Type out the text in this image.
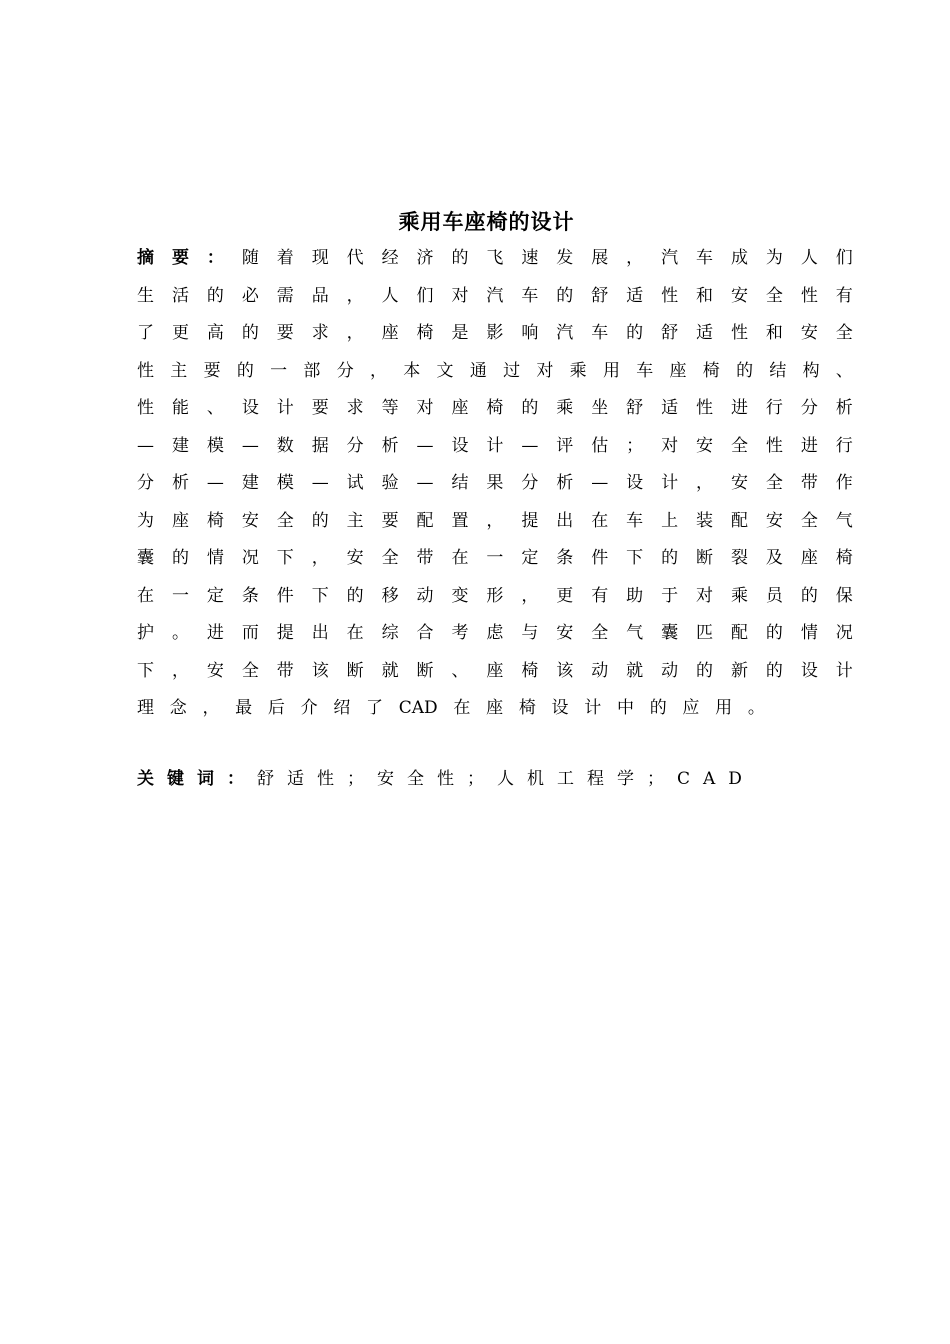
乘用车座椅的设计
摘 要 ： 随 着 现 代 经 济 的 飞 速 发 展 ， 汽 车 成 为 人 们
生 活 的 必 需 品 ， 人 们 对 汽 车 的 舒 适 性 和 安 全 性 有
了 更 高 的 要 求 ， 座 椅 是 影 响 汽 车 的 舒 适 性 和 安 全
性 主 要 的 一 部 分 ， 本 文 通 过 对 乘 用 车 座 椅 的 结 构 、
性 能 、 设 计 要 求 等 对 座 椅 的 乘 坐 舒 适 性 进 行 分 析
— 建 模 — 数 据 分 析 — 设 计 — 评 估 ； 对 安 全 性 进 行
分 析 — 建 模 — 试 验 — 结 果 分 析 — 设 计 ， 安 全 带 作
为 座 椅 安 全 的 主 要 配 置 ， 提 出 在 车 上 装 配 安 全 气
囊 的 情 况 下 ， 安 全 带 在 一 定 条 件 下 的 断 裂 及 座 椅
在 一 定 条 件 下 的 移 动 变 形 ， 更 有 助 于 对 乘 员 的 保
护 。 进 而 提 出 在 综 合 考 虑 与 安 全 气 囊 匹 配 的 情 况
下 ， 安 全 带 该 断 就 断 、 座 椅 该 动 就 动 的 新 的 设 计
理 念 ， 最 后 介 绍 了 CAD 在 座 椅 设 计 中 的 应 用 。
关键词：舒适性；安全性；人机工程学；CAD
